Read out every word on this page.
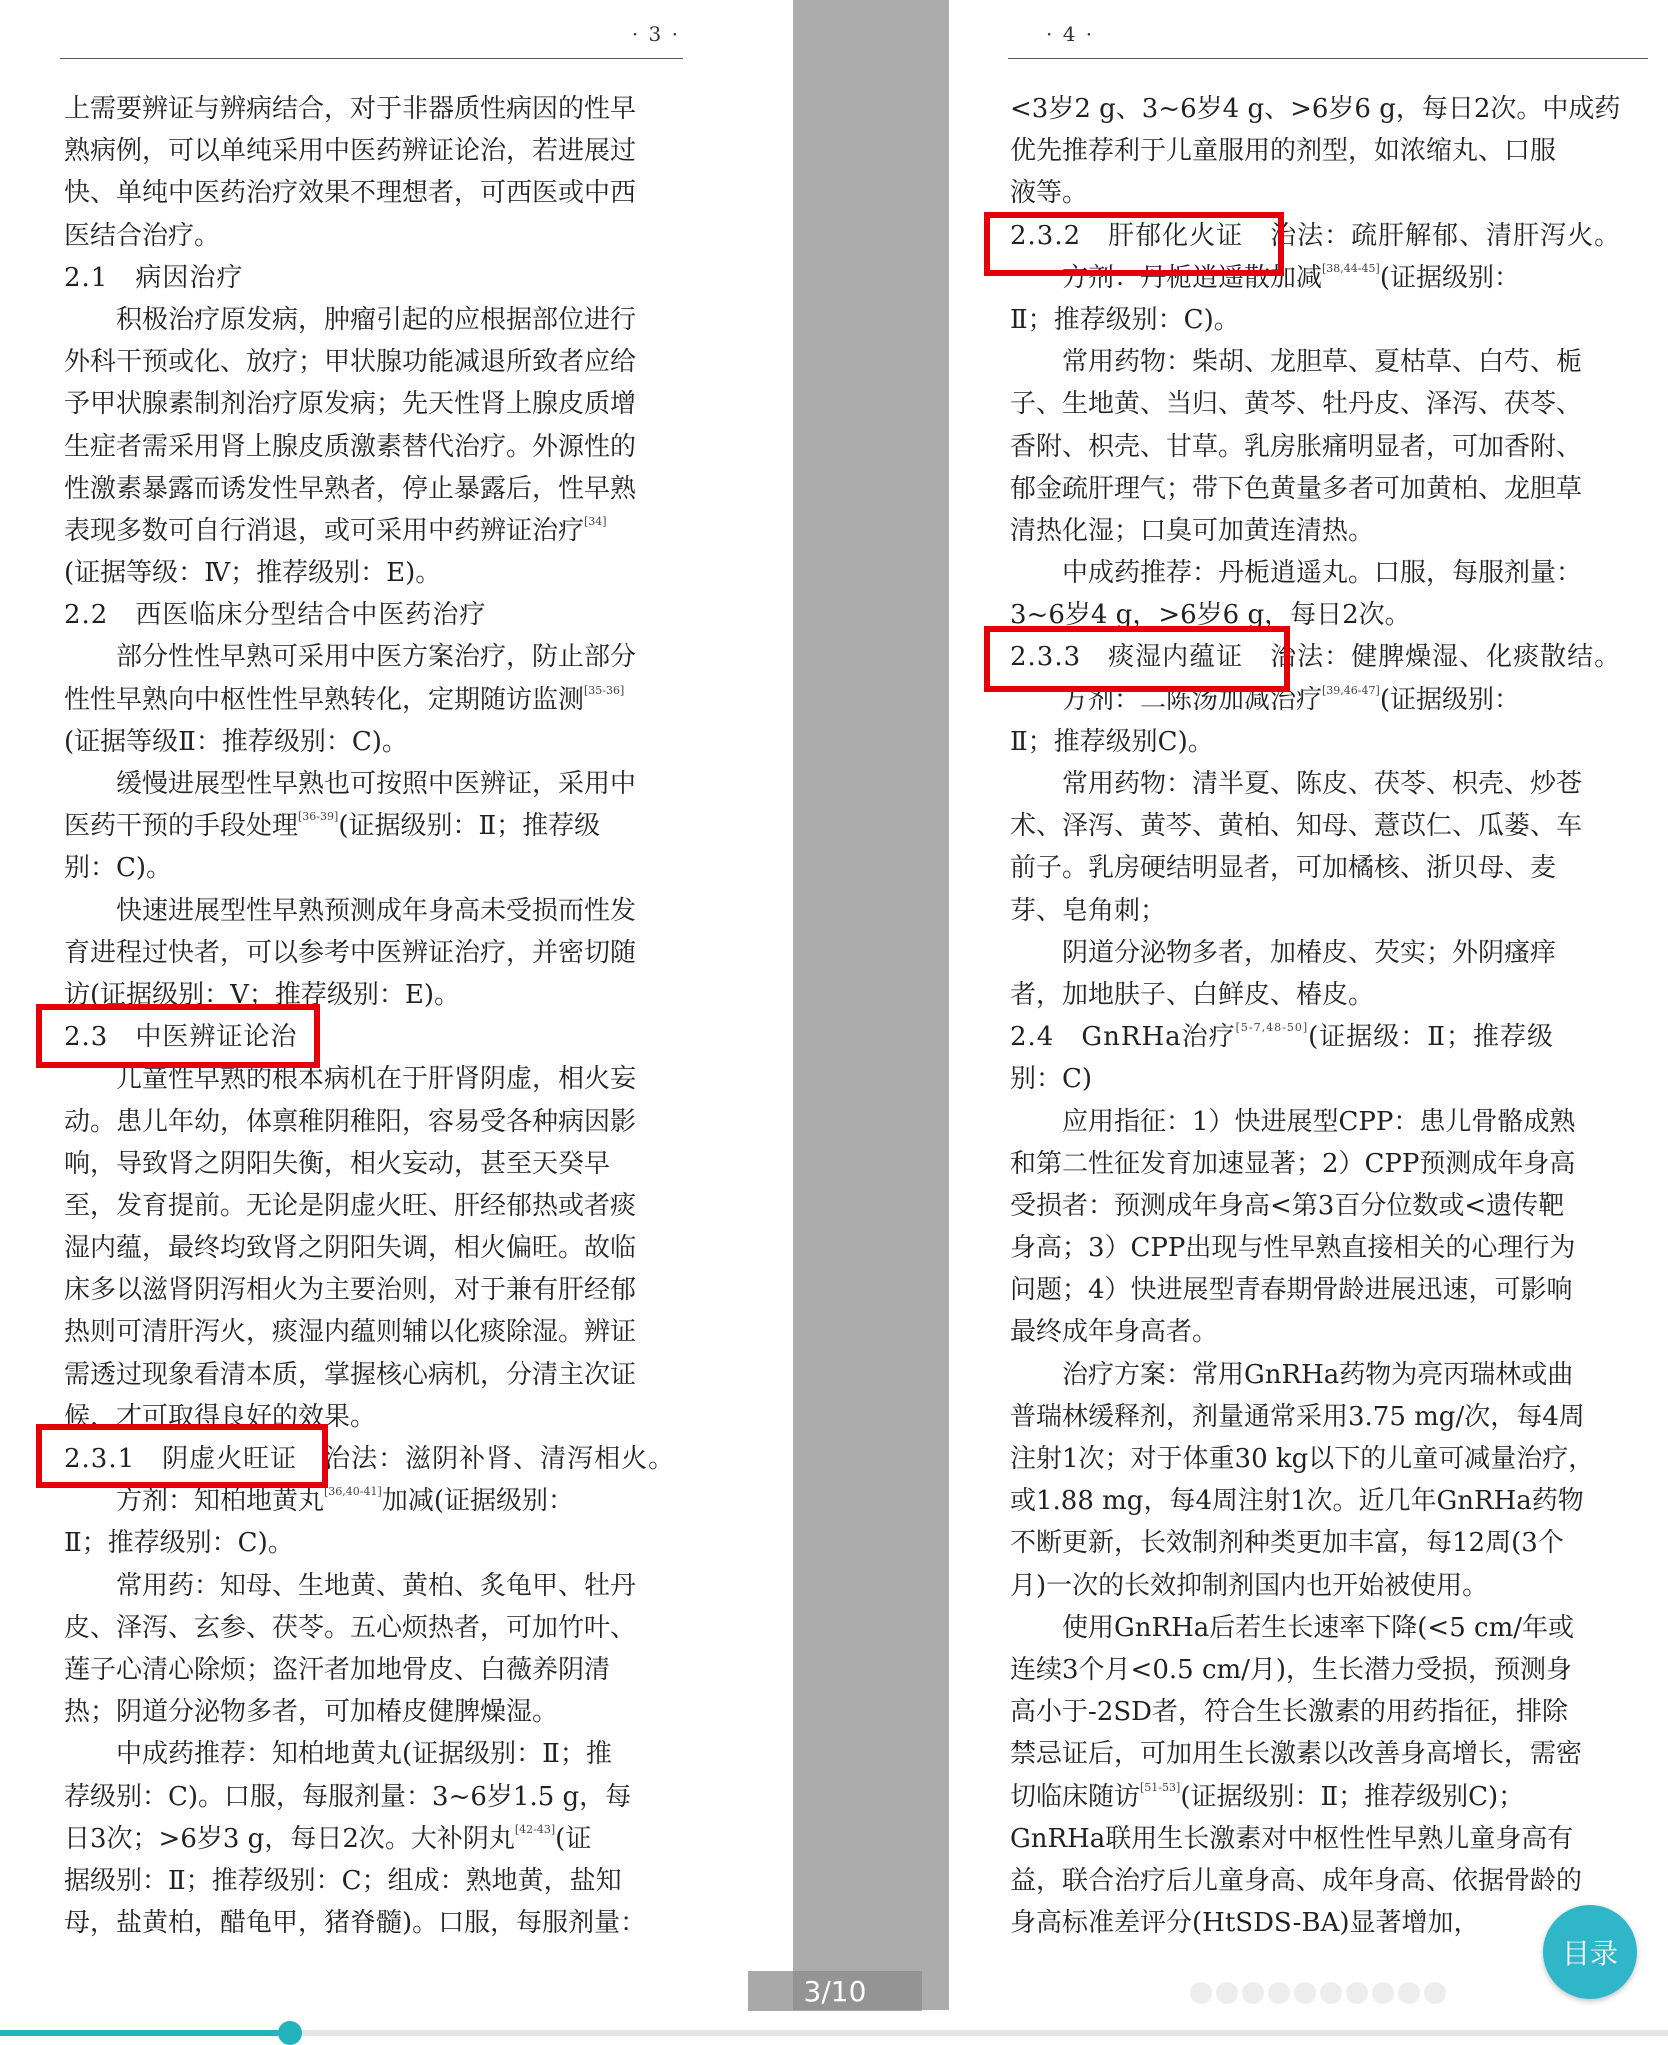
· 3 ·
上需要辨证与辨病结合，对于非器质性病因的性早
熟病例，可以单纯采用中医药辨证论治，若进展过
快、单纯中医药治疗效果不理想者，可西医或中西
医结合治疗。
2.1　病因治疗
积极治疗原发病，肿瘤引起的应根据部位进行
外科干预或化、放疗；甲状腺功能减退所致者应给
予甲状腺素制剂治疗原发病；先天性肾上腺皮质增
生症者需采用肾上腺皮质激素替代治疗。外源性的
性激素暴露而诱发性早熟者，停止暴露后，性早熟
表现多数可自行消退，或可采用中药辨证治疗[34]
(证据等级：Ⅳ；推荐级别：E)。
2.2　西医临床分型结合中医药治疗
部分性性早熟可采用中医方案治疗，防止部分
性性早熟向中枢性性早熟转化，定期随访监测[35-36]
(证据等级Ⅱ：推荐级别：C)。
缓慢进展型性早熟也可按照中医辨证，采用中
医药干预的手段处理[36-39](证据级别：Ⅱ；推荐级
别：C)。
快速进展型性早熟预测成年身高未受损而性发
育进程过快者，可以参考中医辨证治疗，并密切随
访(证据级别：V；推荐级别：E)。
2.3　中医辨证论治
儿童性早熟的根本病机在于肝肾阴虚，相火妄
动。患儿年幼，体禀稚阴稚阳，容易受各种病因影
响，导致肾之阴阳失衡，相火妄动，甚至天癸早
至，发育提前。无论是阴虚火旺、肝经郁热或者痰
湿内蕴，最终均致肾之阴阳失调，相火偏旺。故临
床多以滋肾阴泻相火为主要治则，对于兼有肝经郁
热则可清肝泻火，痰湿内蕴则辅以化痰除湿。辨证
需透过现象看清本质，掌握核心病机，分清主次证
候，才可取得良好的效果。
2.3.1　阴虚火旺证　治法：滋阴补肾、清泻相火。
方剂：知柏地黄丸[36,40-41]加减(证据级别：
Ⅱ；推荐级别：C)。
常用药：知母、生地黄、黄柏、炙龟甲、牡丹
皮、泽泻、玄参、茯苓。五心烦热者，可加竹叶、
莲子心清心除烦；盗汗者加地骨皮、白薇养阴清
热；阴道分泌物多者，可加椿皮健脾燥湿。
中成药推荐：知柏地黄丸(证据级别：Ⅱ；推
荐级别：C)。口服，每服剂量：3~6岁1.5 g，每
日3次；>6岁3 g，每日2次。大补阴丸[42-43](证
据级别：Ⅱ；推荐级别：C；组成：熟地黄，盐知
母，盐黄柏，醋龟甲，猪脊髓)。口服，每服剂量：
· 4 ·
<3岁2 g、3~6岁4 g、>6岁6 g，每日2次。中成药
优先推荐利于儿童服用的剂型，如浓缩丸、口服
液等。
2.3.2　肝郁化火证　治法：疏肝解郁、清肝泻火。
方剂：丹栀逍遥散加减[38,44-45](证据级别：
Ⅱ；推荐级别：C)。
常用药物：柴胡、龙胆草、夏枯草、白芍、栀
子、生地黄、当归、黄芩、牡丹皮、泽泻、茯苓、
香附、枳壳、甘草。乳房胀痛明显者，可加香附、
郁金疏肝理气；带下色黄量多者可加黄柏、龙胆草
清热化湿；口臭可加黄连清热。
中成药推荐：丹栀逍遥丸。口服，每服剂量：
3~6岁4 g，>6岁6 g，每日2次。
2.3.3　痰湿内蕴证　治法：健脾燥湿、化痰散结。
方剂：二陈汤加减治疗[39,46-47](证据级别：
Ⅱ；推荐级别C)。
常用药物：清半夏、陈皮、茯苓、枳壳、炒苍
术、泽泻、黄芩、黄柏、知母、薏苡仁、瓜蒌、车
前子。乳房硬结明显者，可加橘核、浙贝母、麦
芽、皂角刺；
阴道分泌物多者，加椿皮、芡实；外阴瘙痒
者，加地肤子、白鲜皮、椿皮。
2.4　GnRHa治疗[5-7,48-50](证据级：Ⅱ；推荐级
别：C)
应用指征：1）快进展型CPP：患儿骨骼成熟
和第二性征发育加速显著；2）CPP预测成年身高
受损者：预测成年身高<第3百分位数或<遗传靶
身高；3）CPP出现与性早熟直接相关的心理行为
问题；4）快进展型青春期骨龄进展迅速，可影响
最终成年身高者。
治疗方案：常用GnRHa药物为亮丙瑞林或曲
普瑞林缓释剂，剂量通常采用3.75 mg/次，每4周
注射1次；对于体重30 kg以下的儿童可减量治疗，
或1.88 mg，每4周注射1次。近几年GnRHa药物
不断更新，长效制剂种类更加丰富，每12周(3个
月)一次的长效抑制剂国内也开始被使用。
使用GnRHa后若生长速率下降(<5 cm/年或
连续3个月<0.5 cm/月)，生长潜力受损，预测身
高小于-2SD者，符合生长激素的用药指征，排除
禁忌证后，可加用生长激素以改善身高增长，需密
切临床随访[51-53](证据级别：Ⅱ；推荐级别C)；
GnRHa联用生长激素对中枢性性早熟儿童身高有
益，联合治疗后儿童身高、成年身高、依据骨龄的
身高标准差评分(HtSDS-BA)显著增加，
3/10
目录
